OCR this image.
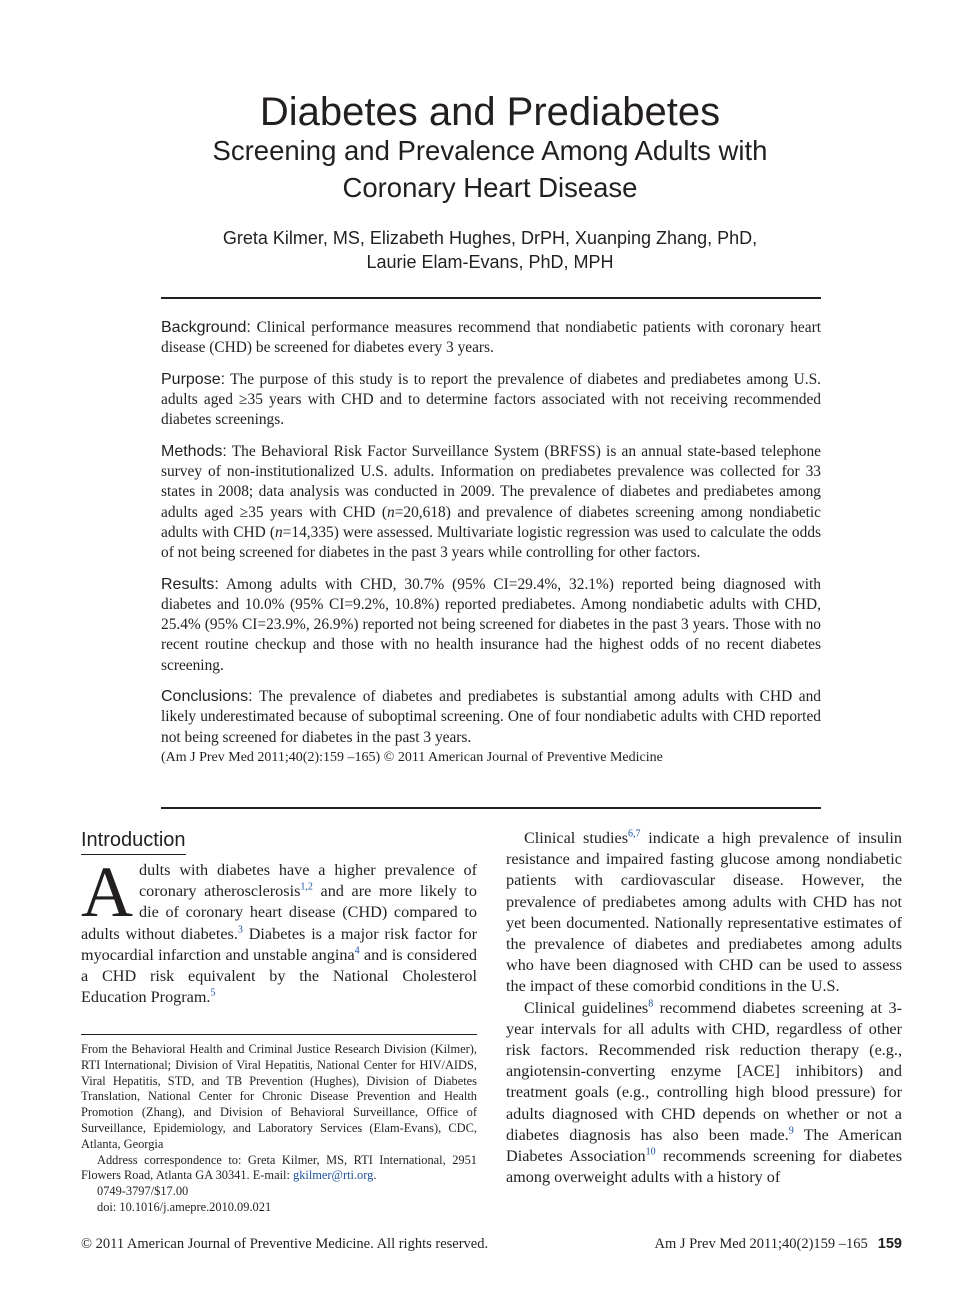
Diabetes and Prediabetes
Screening and Prevalence Among Adults with Coronary Heart Disease
Greta Kilmer, MS, Elizabeth Hughes, DrPH, Xuanping Zhang, PhD,
Laurie Elam-Evans, PhD, MPH

Background: Clinical performance measures recommend that nondiabetic patients with coronary heart disease (CHD) be screened for diabetes every 3 years.

Purpose: The purpose of this study is to report the prevalence of diabetes and prediabetes among U.S. adults aged ≥35 years with CHD and to determine factors associated with not receiving recommended diabetes screenings.

Methods: The Behavioral Risk Factor Surveillance System (BRFSS) is an annual state-based telephone survey of non-institutionalized U.S. adults. Information on prediabetes prevalence was collected for 33 states in 2008; data analysis was conducted in 2009. The prevalence of diabetes and prediabetes among adults aged ≥35 years with CHD (n=20,618) and prevalence of diabetes screening among nondiabetic adults with CHD (n=14,335) were assessed. Multivariate logistic regression was used to calculate the odds of not being screened for diabetes in the past 3 years while controlling for other factors.

Results: Among adults with CHD, 30.7% (95% CI=29.4%, 32.1%) reported being diagnosed with diabetes and 10.0% (95% CI=9.2%, 10.8%) reported prediabetes. Among nondiabetic adults with CHD, 25.4% (95% CI=23.9%, 26.9%) reported not being screened for diabetes in the past 3 years. Those with no recent routine checkup and those with no health insurance had the highest odds of no recent diabetes screening.

Conclusions: The prevalence of diabetes and prediabetes is substantial among adults with CHD and likely underestimated because of suboptimal screening. One of four nondiabetic adults with CHD reported not being screened for diabetes in the past 3 years.

(Am J Prev Med 2011;40(2):159 –165) © 2011 American Journal of Preventive Medicine
Introduction
Adults with diabetes have a higher prevalence of coronary atherosclerosis$^{1,2}$ and are more likely to die of coronary heart disease (CHD) compared to adults without diabetes.$^3$ Diabetes is a major risk factor for myocardial infarction and unstable angina$^4$ and is considered a CHD risk equivalent by the National Cholesterol Education Program.$^5$

From the Behavioral Health and Criminal Justice Research Division (Kilmer), RTI International; Division of Viral Hepatitis, National Center for HIV/AIDS, Viral Hepatitis, STD, and TB Prevention (Hughes), Division of Diabetes Translation, National Center for Chronic Disease Prevention and Health Promotion (Zhang), and Division of Behavioral Surveillance, Office of Surveillance, Epidemiology, and Laboratory Services (Elam-Evans), CDC, Atlanta, Georgia

Address correspondence to: Greta Kilmer, MS, RTI International, 2951 Flowers Road, Atlanta GA 30341. E-mail: gkilmer@rti.org.

0749-3797/$17.00

doi: 10.1016/j.amepre.2010.09.021

Clinical studies$^{6,7}$ indicate a high prevalence of insulin resistance and impaired fasting glucose among nondiabetic patients with cardiovascular disease. However, the prevalence of prediabetes among adults with CHD has not yet been documented. Nationally representative estimates of the prevalence of diabetes and prediabetes among adults who have been diagnosed with CHD can be used to assess the impact of these comorbid conditions in the U.S.

Clinical guidelines$^8$ recommend diabetes screening at 3-year intervals for all adults with CHD, regardless of other risk factors. Recommended risk reduction therapy (e.g., angiotensin-converting enzyme [ACE] inhibitors) and treatment goals (e.g., controlling high blood pressure) for adults diagnosed with CHD depends on whether or not a diabetes diagnosis has also been made.$^9$ The American Diabetes Association$^{10}$ recommends screening for diabetes among overweight adults with a history of

© 2011 American Journal of Preventive Medicine. All rights reserved.	Am J Prev Med 2011;40(2)159 –165 159
